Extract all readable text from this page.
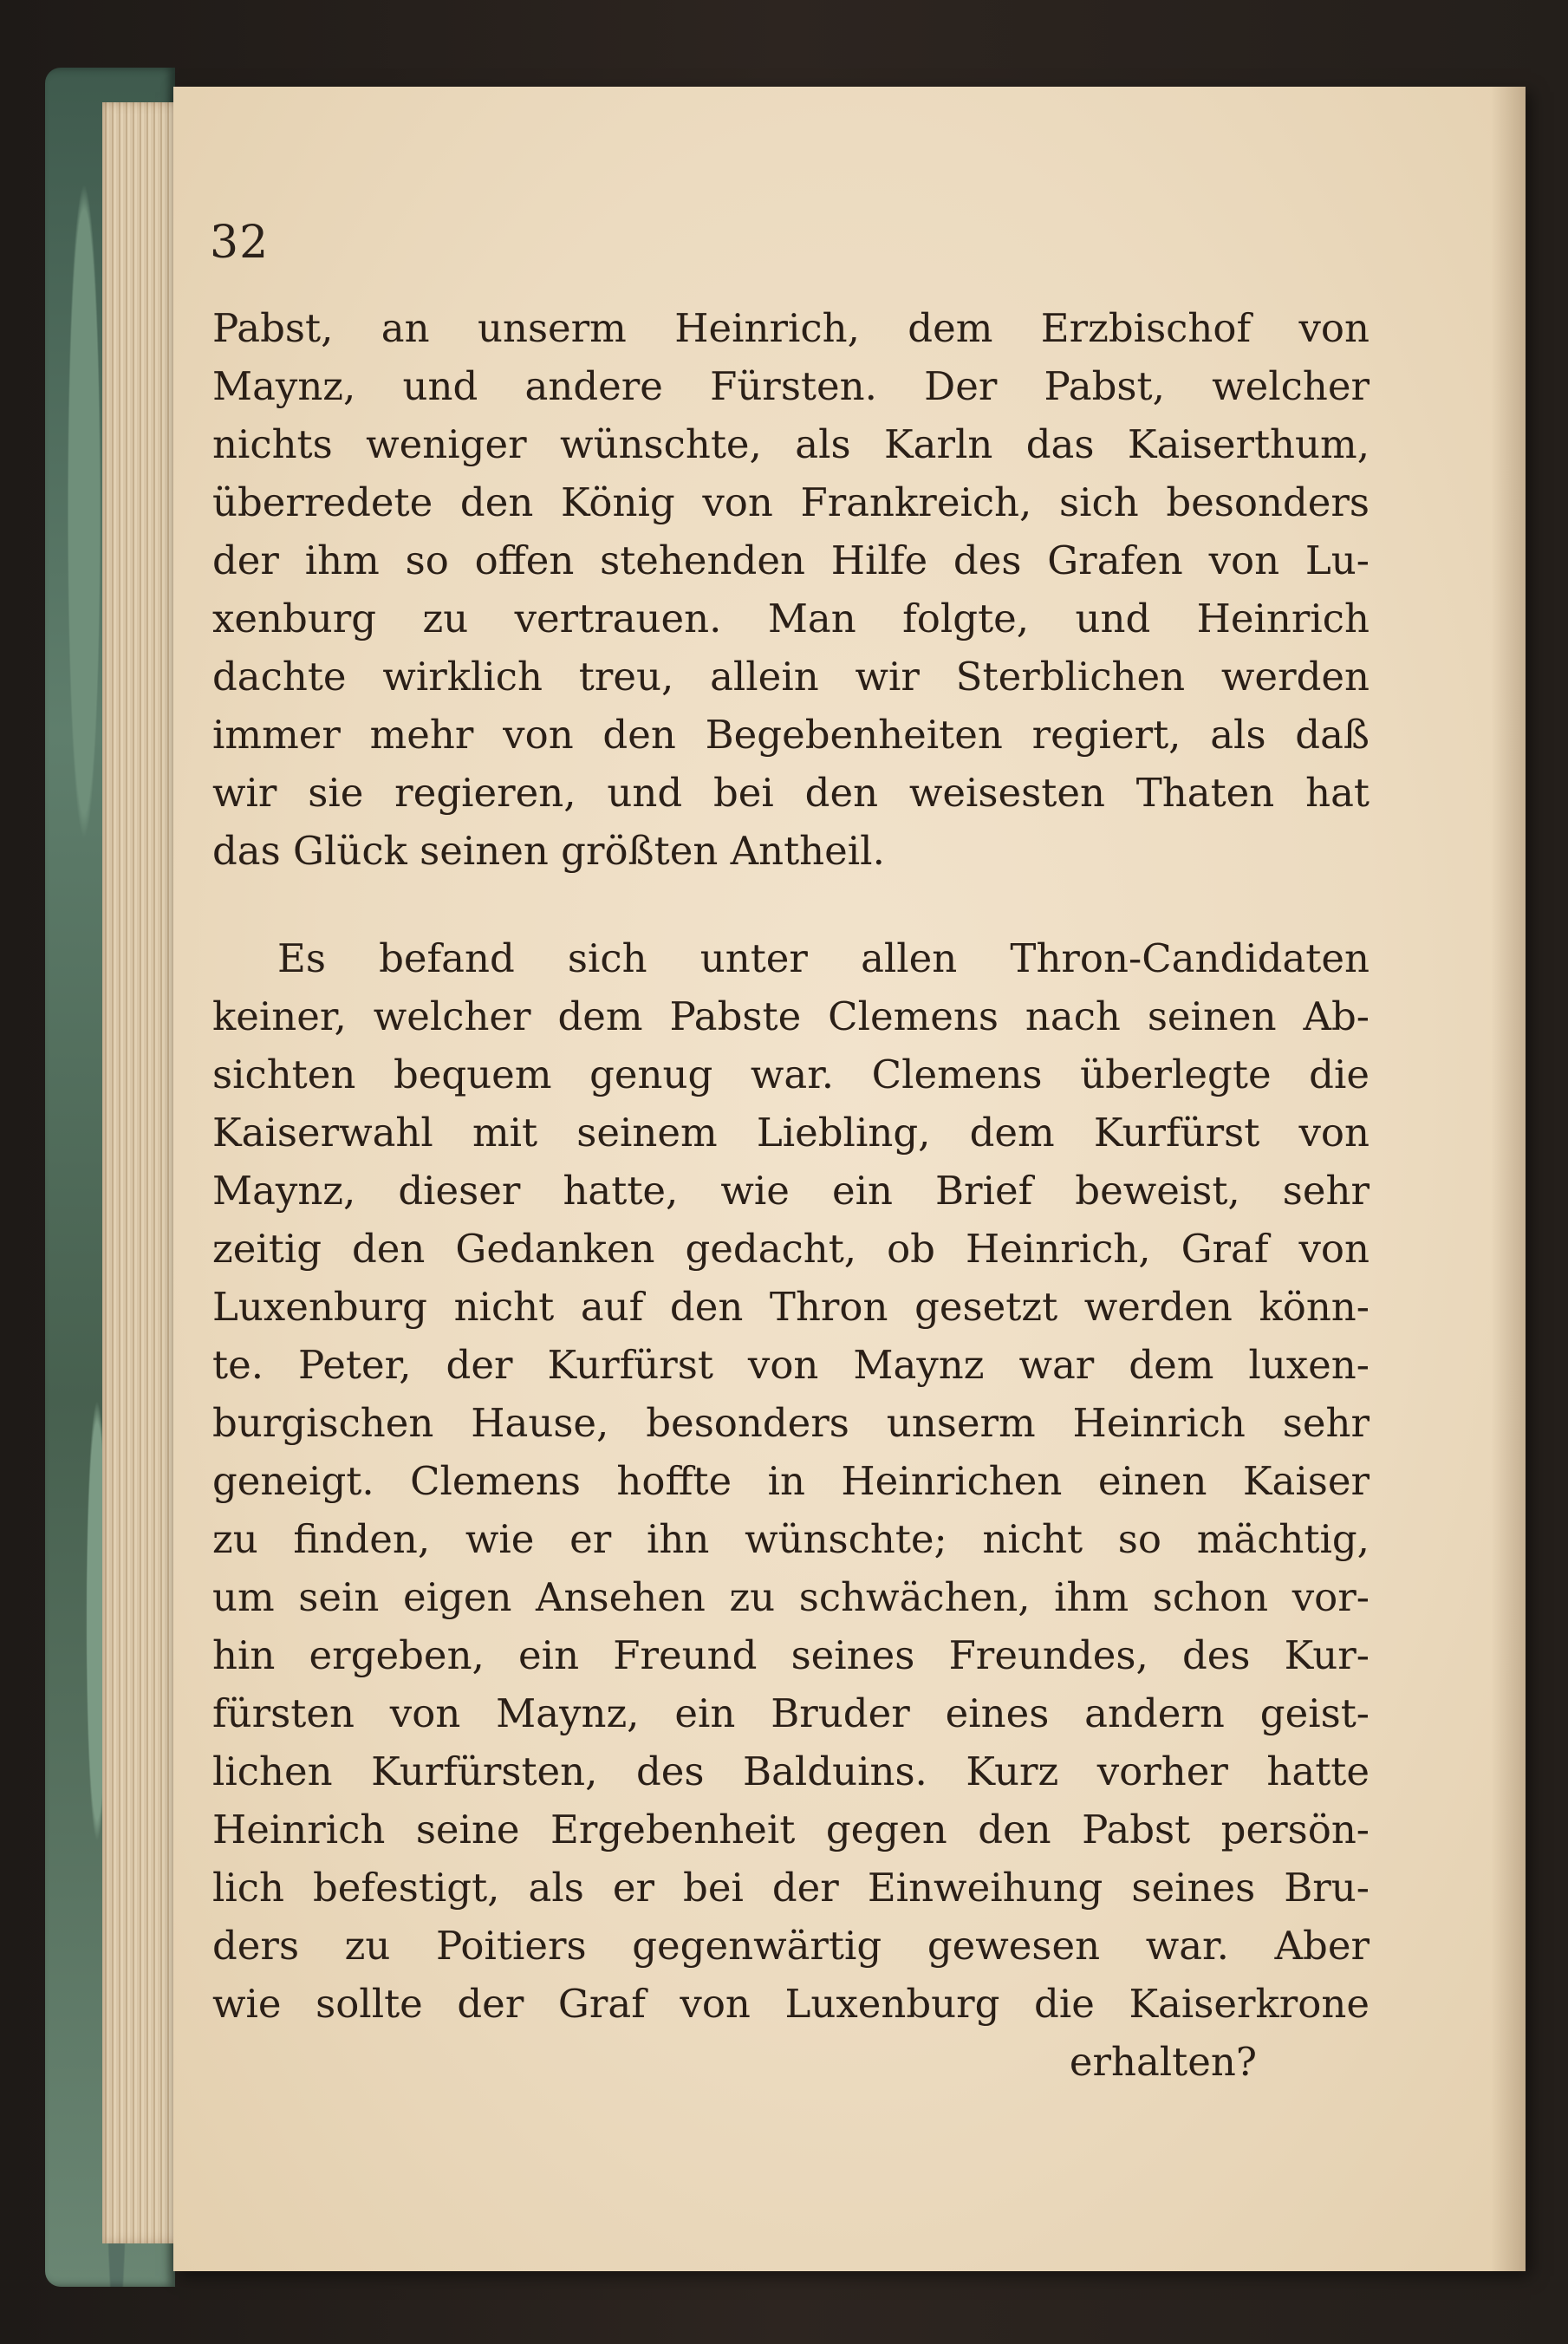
32
Pabst, an unserm Heinrich, dem Erzbischof von
Maynz, und andere Fürsten. Der Pabst, welcher
nichts weniger wünschte, als Karln das Kaiserthum,
überredete den König von Frankreich, sich besonders
der ihm so offen stehenden Hilfe des Grafen von Lu-
xenburg zu vertrauen. Man folgte, und Heinrich
dachte wirklich treu, allein wir Sterblichen werden
immer mehr von den Begebenheiten regiert, als daß
wir sie regieren, und bei den weisesten Thaten hat
das Glück seinen größten Antheil.
Es befand sich unter allen Thron-Candidaten
keiner, welcher dem Pabste Clemens nach seinen Ab-
sichten bequem genug war. Clemens überlegte die
Kaiserwahl mit seinem Liebling, dem Kurfürst von
Maynz, dieser hatte, wie ein Brief beweist, sehr
zeitig den Gedanken gedacht, ob Heinrich, Graf von
Luxenburg nicht auf den Thron gesetzt werden könn-
te. Peter, der Kurfürst von Maynz war dem luxen-
burgischen Hause, besonders unserm Heinrich sehr
geneigt. Clemens hoffte in Heinrichen einen Kaiser
zu finden, wie er ihn wünschte; nicht so mächtig,
um sein eigen Ansehen zu schwächen, ihm schon vor-
hin ergeben, ein Freund seines Freundes, des Kur-
fürsten von Maynz, ein Bruder eines andern geist-
lichen Kurfürsten, des Balduins. Kurz vorher hatte
Heinrich seine Ergebenheit gegen den Pabst persön-
lich befestigt, als er bei der Einweihung seines Bru-
ders zu Poitiers gegenwärtig gewesen war. Aber
wie sollte der Graf von Luxenburg die Kaiserkrone
erhalten?
